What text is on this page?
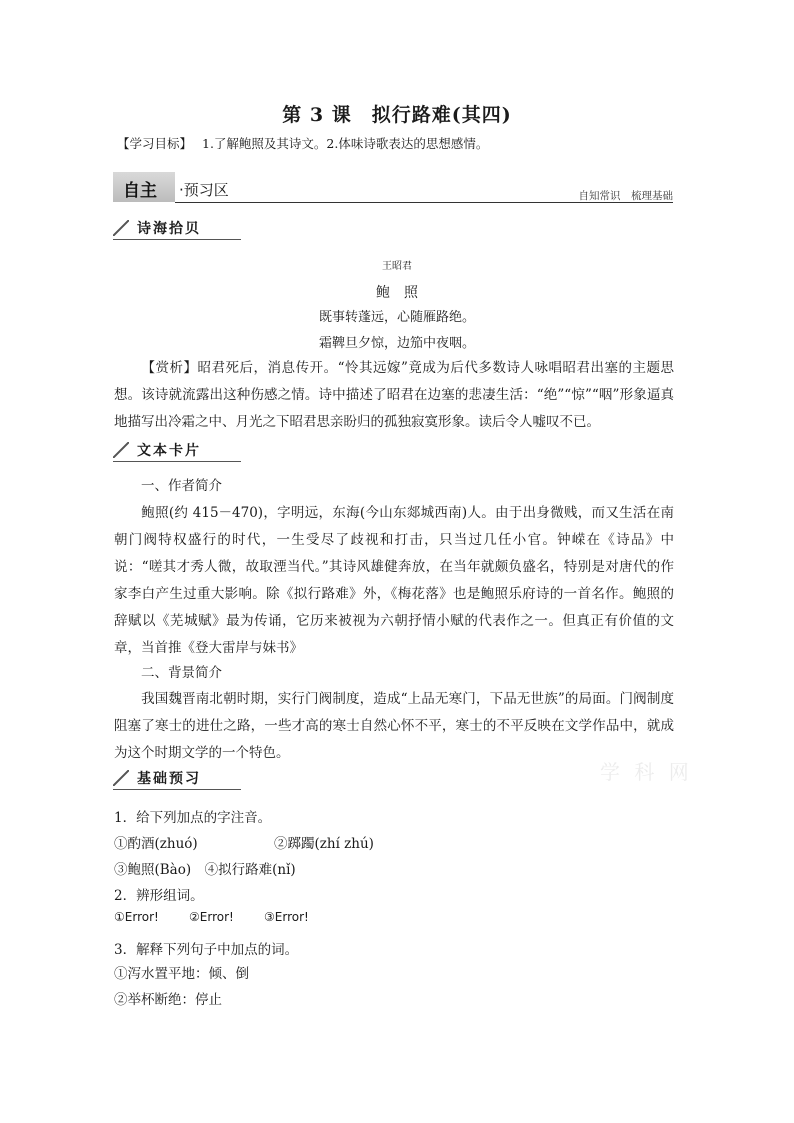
第 3 课　拟行路难(其四)
【学习目标】 1.了解鲍照及其诗文。2.体味诗歌表达的思想感情。
自主 ·预习区	自知常识　梳理基础
诗海拾贝
王昭君
鲍　照
既事转蓬远，心随雁路绝。
霜鞞旦夕惊，边笳中夜咽。
【赏析】昭君死后，消息传开。“怜其远嫁”竟成为后代多数诗人咏唱昭君出塞的主题思想。该诗就流露出这种伤感之情。诗中描述了昭君在边塞的悲凄生活：“绝”“惊”“咽”形象逼真地描写出冷霜之中、月光之下昭君思亲盼归的孤独寂寞形象。读后令人嘘叹不已。
文本卡片
一、作者简介
鲍照(约 415－470)，字明远，东海(今山东郯城西南)人。由于出身微贱，而又生活在南朝门阀特权盛行的时代，一生受尽了歧视和打击，只当过几任小官。钟嵘在《诗品》中说：“嗟其才秀人微，故取湮当代。”其诗风雄健奔放，在当年就颇负盛名，特别是对唐代的作家李白产生过重大影响。除《拟行路难》外，《梅花落》也是鲍照乐府诗的一首名作。鲍照的辞赋以《芜城赋》最为传诵，它历来被视为六朝抒情小赋的代表作之一。但真正有价值的文章，当首推《登大雷岸与妹书》
二、背景简介
我国魏晋南北朝时期，实行门阀制度，造成“上品无寒门，下品无世族”的局面。门阀制度阻塞了寒士的进仕之路，一些才高的寒士自然心怀不平，寒士的不平反映在文学作品中，就成为这个时期文学的一个特色。
学 科 网
基础预习
1．给下列加点的字注音。
①酌酒(zhuó)	②踯躅(zhí zhú)
③鲍照(Bào)　④拟行路难(nǐ)
2．辨形组词。
①Error!	②Error!	③Error!
3．解释下列句子中加点的词。
①泻水置平地：倾、倒
②举杯断绝：停止
